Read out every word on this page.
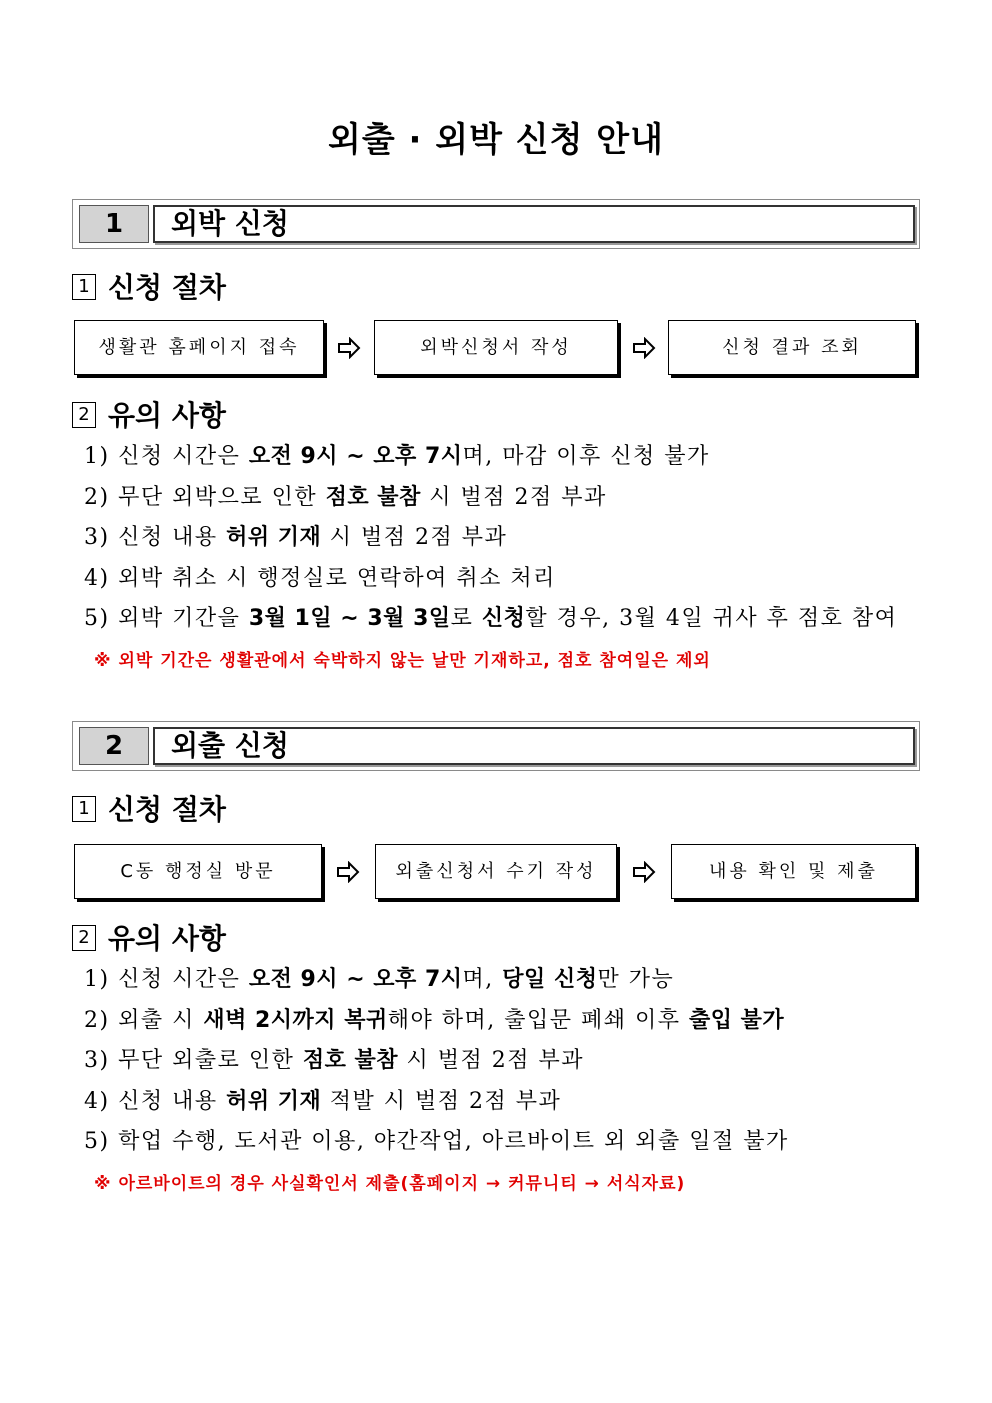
외출 · 외박 신청 안내
1	외박 신청
1 신청 절차
생활관 홈페이지 접속	외박신청서 작성	신청 결과 조회
2 유의 사항
1) 신청 시간은 오전 9시 ~ 오후 7시며, 마감 이후 신청 불가
2) 무단 외박으로 인한 점호 불참 시 벌점 2점 부과
3) 신청 내용 허위 기재 시 벌점 2점 부과
4) 외박 취소 시 행정실로 연락하여 취소 처리
5) 외박 기간을 3월 1일 ~ 3월 3일로 신청할 경우, 3월 4일 귀사 후 점호 참여
※ 외박 기간은 생활관에서 숙박하지 않는 날만 기재하고, 점호 참여일은 제외
2	외출 신청
1 신청 절차
C동 행정실 방문	외출신청서 수기 작성	내용 확인 및 제출
2 유의 사항
1) 신청 시간은 오전 9시 ~ 오후 7시며, 당일 신청만 가능
2) 외출 시 새벽 2시까지 복귀해야 하며, 출입문 폐쇄 이후 출입 불가
3) 무단 외출로 인한 점호 불참 시 벌점 2점 부과
4) 신청 내용 허위 기재 적발 시 벌점 2점 부과
5) 학업 수행, 도서관 이용, 야간작업, 아르바이트 외 외출 일절 불가
※ 아르바이트의 경우 사실확인서 제출(홈페이지 → 커뮤니티 → 서식자료)
